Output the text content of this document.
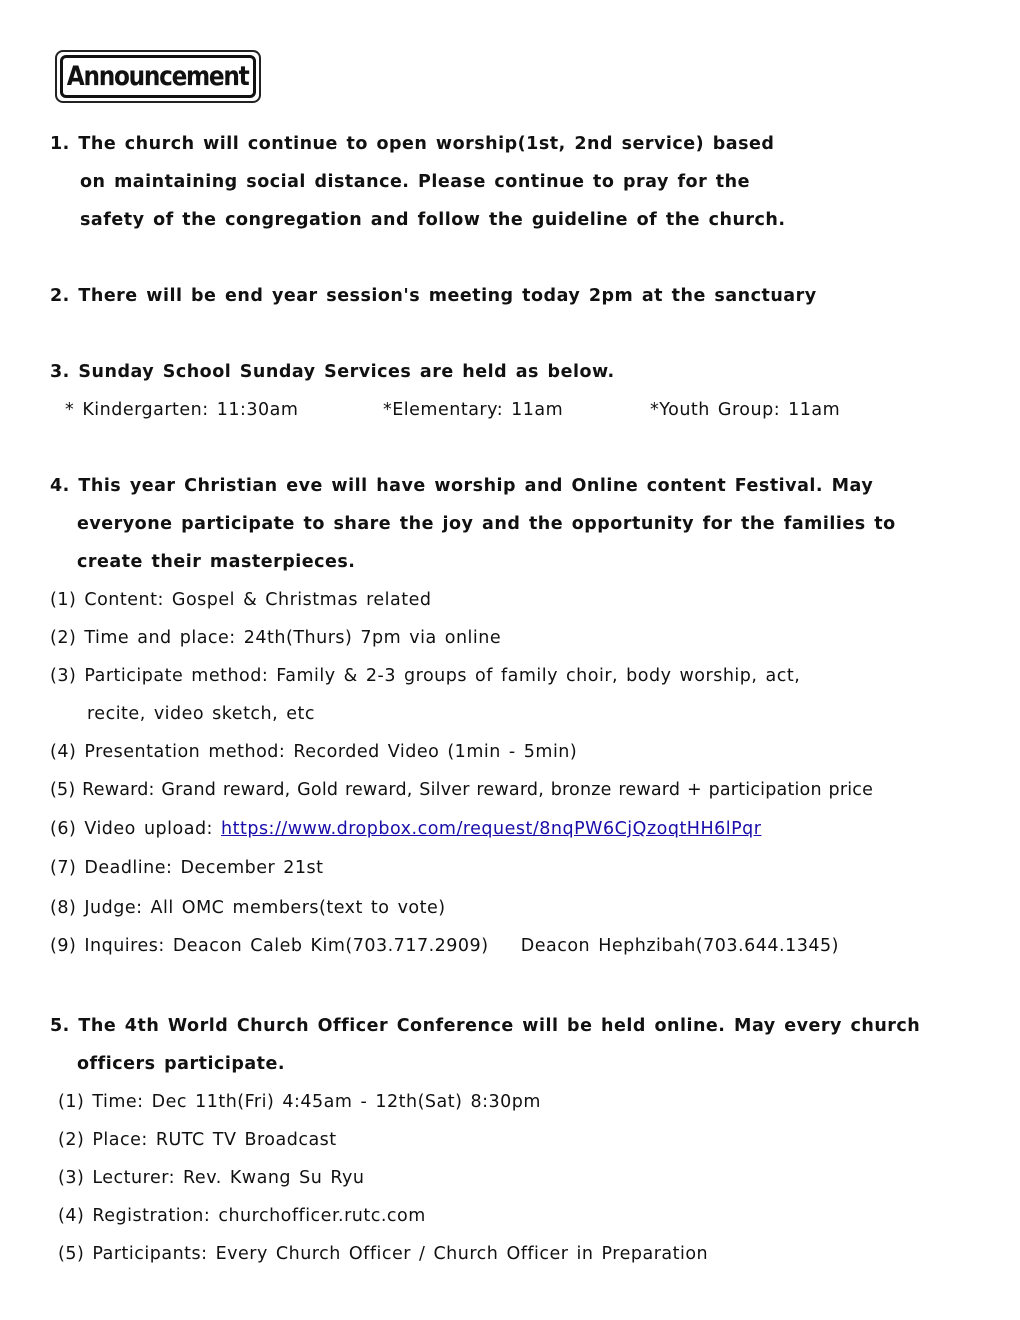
Announcement
1. The church will continue to open worship(1st, 2nd service) based
on maintaining social distance. Please continue to pray for the
safety of the congregation and follow the guideline of the church.
2. There will be end year session's meeting today 2pm at the sanctuary
3. Sunday School Sunday Services are held as below.
* Kindergarten: 11:30am	*Elementary: 11am	*Youth Group: 11am
4. This year Christian eve will have worship and Online content Festival. May
everyone participate to share the joy and the opportunity for the families to
create their masterpieces.
(1) Content: Gospel & Christmas related
(2) Time and place: 24th(Thurs) 7pm via online
(3) Participate method: Family & 2-3 groups of family choir, body worship, act,
recite, video sketch, etc
(4) Presentation method: Recorded Video (1min - 5min)
(5) Reward: Grand reward, Gold reward, Silver reward, bronze reward + participation price
(6) Video upload: https://www.dropbox.com/request/8nqPW6CjQzoqtHH6lPqr
(7) Deadline: December 21st
(8) Judge: All OMC members(text to vote)
(9) Inquires: Deacon Caleb Kim(703.717.2909)    Deacon Hephzibah(703.644.1345)
5. The 4th World Church Officer Conference will be held online. May every church
officers participate.
(1) Time: Dec 11th(Fri) 4:45am - 12th(Sat) 8:30pm
(2) Place: RUTC TV Broadcast
(3) Lecturer: Rev. Kwang Su Ryu
(4) Registration: churchofficer.rutc.com
(5) Participants: Every Church Officer / Church Officer in Preparation
